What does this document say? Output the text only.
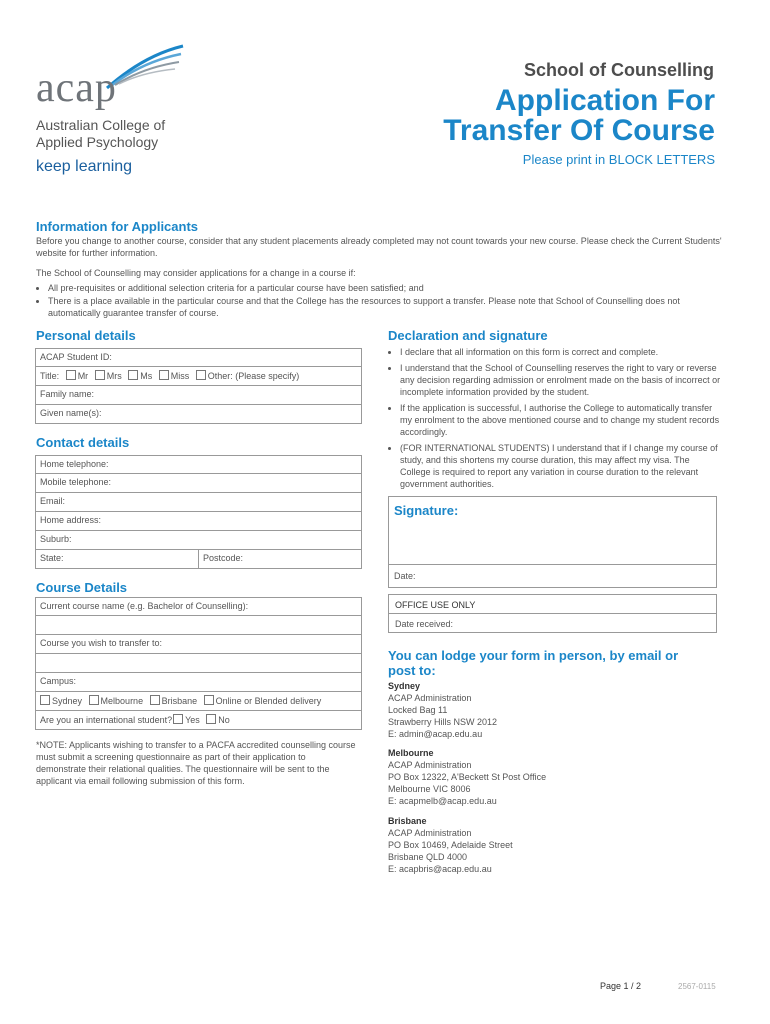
acap
Australian College of
Applied Psychology
keep learning
School of Counselling
Application For
Transfer Of Course
Please print in BLOCK LETTERS
Information for Applicants
Before you change to another course, consider that any student placements already completed may not count towards your new course. Please check the Current Students' website for further information.
The School of Counselling may consider applications for a change in a course if:
• All pre-requisites or additional selection criteria for a particular course have been satisfied; and
• There is a place available in the particular course and that the College has the resources to support a transfer. Please note that School of Counselling does not automatically guarantee transfer of course.
Personal details
ACAP Student ID:
Title: Mr Mrs Ms Miss Other: (Please specify)
Family name:
Given name(s):
Contact details
Home telephone:
Mobile telephone:
Email:
Home address:
Suburb:
State:	Postcode:
Course Details
Current course name (e.g. Bachelor of Counselling):
Course you wish to transfer to:
Campus:
Sydney Melbourne Brisbane Online or Blended delivery
Are you an international student? Yes No
*NOTE: Applicants wishing to transfer to a PACFA accredited counselling course must submit a screening questionnaire as part of their application to demonstrate their relational qualities. The questionnaire will be sent to the applicant via email following submission of this form.
Declaration and signature
• I declare that all information on this form is correct and complete.
• I understand that the School of Counselling reserves the right to vary or reverse any decision regarding admission or enrolment made on the basis of incorrect or incomplete information provided by the student.
• If the application is successful, I authorise the College to automatically transfer my enrolment to the above mentioned course and to change my student records accordingly.
• (FOR INTERNATIONAL STUDENTS) I understand that if I change my course of study, and this shortens my course duration, this may affect my visa. The College is required to report any variation in course duration to the relevant government authorities.
Signature:
Date:
OFFICE USE ONLY
Date received:
You can lodge your form in person, by email or
post to:
Sydney
ACAP Administration
Locked Bag 11
Strawberry Hills NSW 2012
E: admin@acap.edu.au
Melbourne
ACAP Administration
PO Box 12322, A'Beckett St Post Office
Melbourne VIC 8006
E: acapmelb@acap.edu.au
Brisbane
ACAP Administration
PO Box 10469, Adelaide Street
Brisbane QLD 4000
E: acapbris@acap.edu.au
Page 1 / 2	2567-0115
